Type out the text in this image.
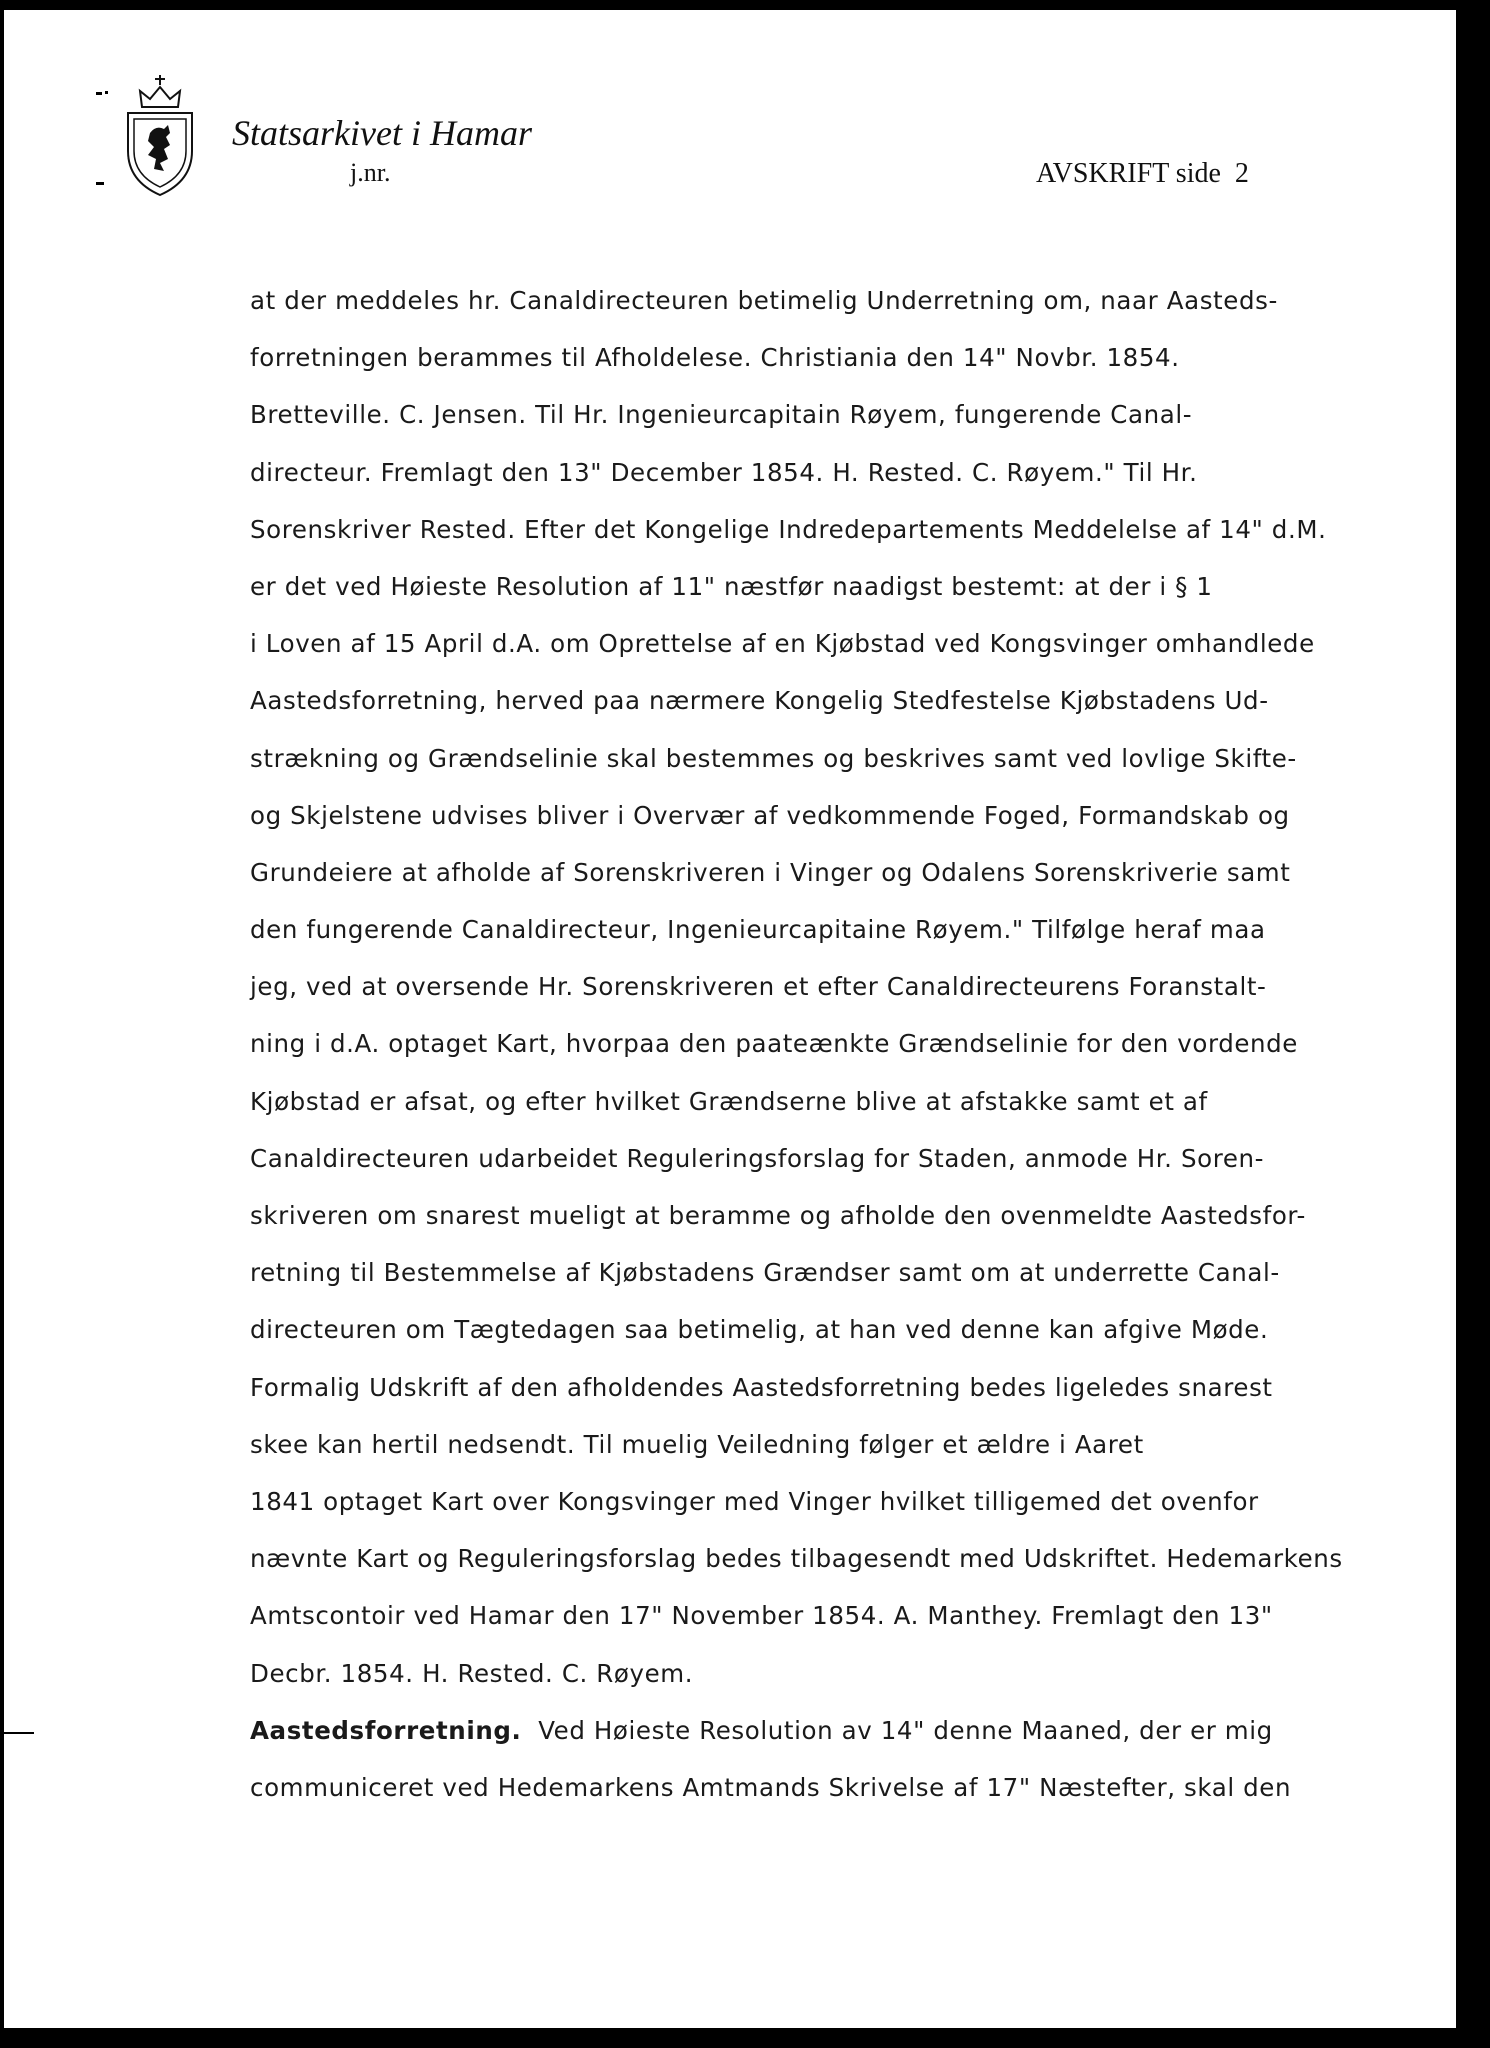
Statsarkivet i Hamar
j.nr.	AVSKRIFT side 2
at der meddeles hr. Canaldirecteuren betimelig Underretning om, naar Aasteds-
forretningen berammes til Afholdelese. Christiania den 14" Novbr. 1854.
Bretteville. C. Jensen. Til Hr. Ingenieurcapitain Røyem, fungerende Canal-
directeur. Fremlagt den 13" December 1854. H. Rested. C. Røyem." Til Hr.
Sorenskriver Rested. Efter det Kongelige Indredepartements Meddelelse af 14" d.M.
er det ved Høieste Resolution af 11" næstfør naadigst bestemt: at der i § 1
i Loven af 15 April d.A. om Oprettelse af en Kjøbstad ved Kongsvinger omhandlede
Aastedsforretning, herved paa nærmere Kongelig Stedfestelse Kjøbstadens Ud-
strækning og Grændselinie skal bestemmes og beskrives samt ved lovlige Skifte-
og Skjelstene udvises bliver i Overvær af vedkommende Foged, Formandskab og
Grundeiere at afholde af Sorenskriveren i Vinger og Odalens Sorenskriverie samt
den fungerende Canaldirecteur, Ingenieurcapitaine Røyem." Tilfølge heraf maa
jeg, ved at oversende Hr. Sorenskriveren et efter Canaldirecteurens Foranstalt-
ning i d.A. optaget Kart, hvorpaa den paateænkte Grændselinie for den vordende
Kjøbstad er afsat, og efter hvilket Grændserne blive at afstakke samt et af
Canaldirecteuren udarbeidet Reguleringsforslag for Staden, anmode Hr. Soren-
skriveren om snarest mueligt at beramme og afholde den ovenmeldte Aastedsfor-
retning til Bestemmelse af Kjøbstadens Grændser samt om at underrette Canal-
directeuren om Tægtedagen saa betimelig, at han ved denne kan afgive Møde.
Formalig Udskrift af den afholdendes Aastedsforretning bedes ligeledes snarest
skee kan hertil nedsendt. Til muelig Veiledning følger et ældre i Aaret
1841 optaget Kart over Kongsvinger med Vinger hvilket tilligemed det ovenfor
nævnte Kart og Reguleringsforslag bedes tilbagesendt med Udskriftet. Hedemarkens
Amtscontoir ved Hamar den 17" November 1854. A. Manthey. Fremlagt den 13"
Decbr. 1854. H. Rested. C. Røyem.
Aastedsforretning.  Ved Høieste Resolution av 14" denne Maaned, der er mig
communiceret ved Hedemarkens Amtmands Skrivelse af 17" Næstefter, skal den
